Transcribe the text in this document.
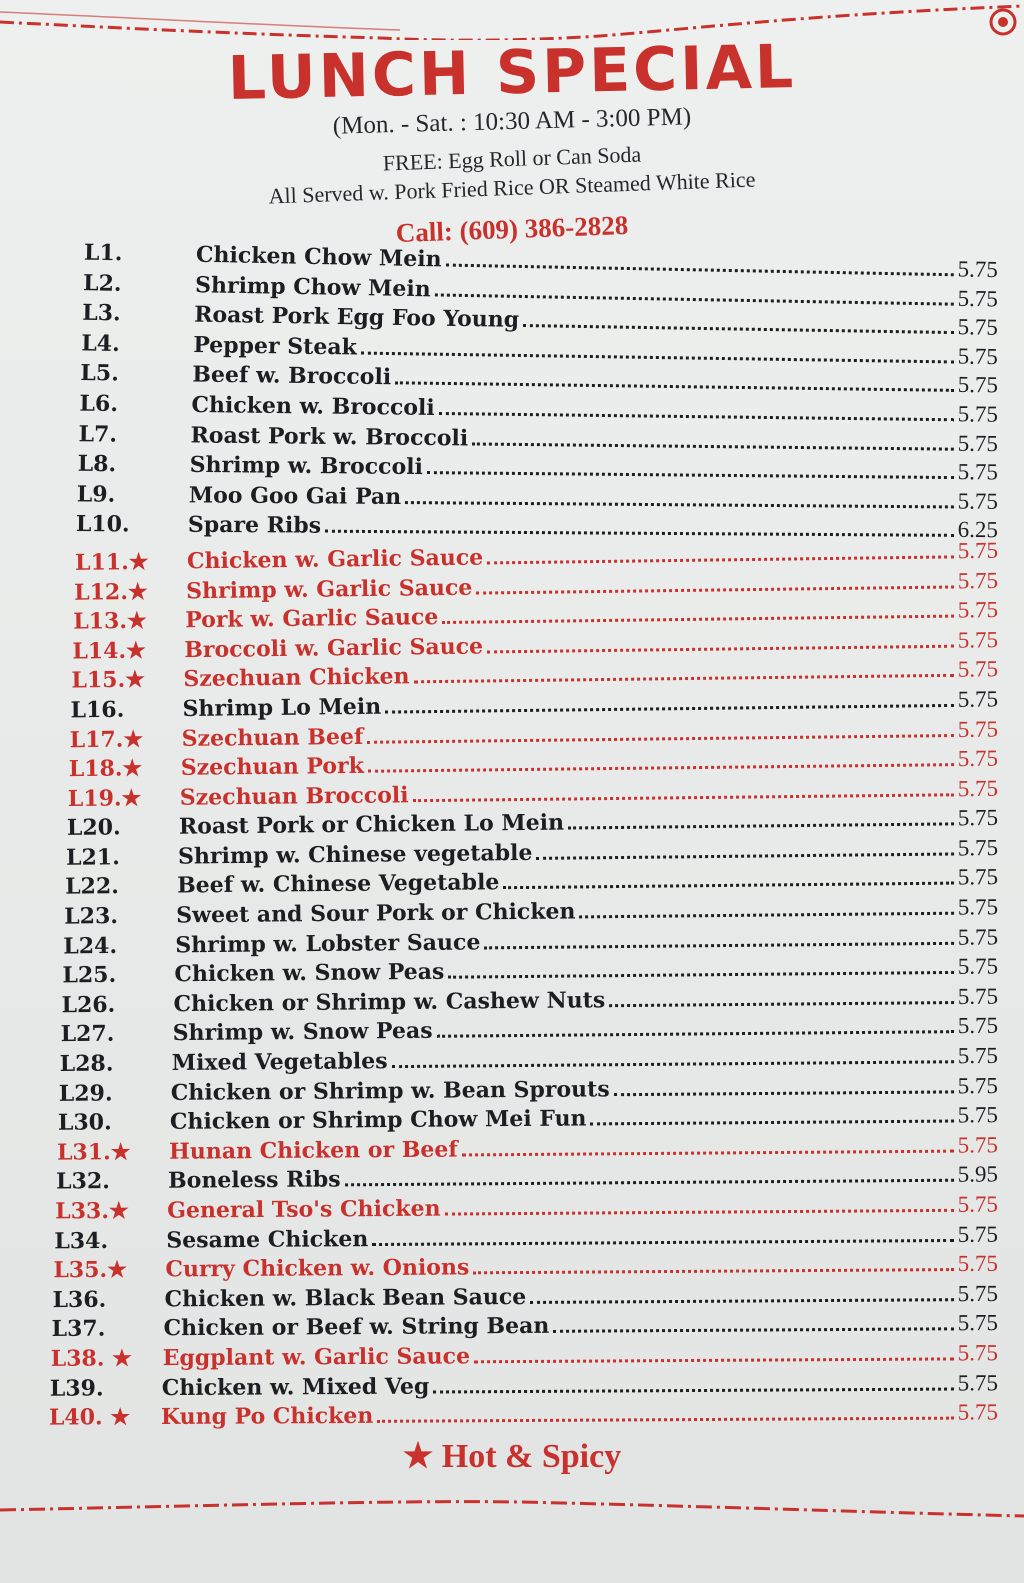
LUNCH SPECIAL
(Mon. - Sat. : 10:30 AM - 3:00 PM)
FREE: Egg Roll or Can Soda
All Served w. Pork Fried Rice OR Steamed White Rice
Call: (609) 386-2828
L1.	Chicken Chow Mein	5.75
L2.	Shrimp Chow Mein	5.75
L3.	Roast Pork Egg Foo Young	5.75
L4.	Pepper Steak	5.75
L5.	Beef w. Broccoli	5.75
L6.	Chicken w. Broccoli	5.75
L7.	Roast Pork w. Broccoli	5.75
L8.	Shrimp w. Broccoli	5.75
L9.	Moo Goo Gai Pan	5.75
L10.	Spare Ribs	6.25
L11.★	Chicken w. Garlic Sauce	5.75
L12.★	Shrimp w. Garlic Sauce	5.75
L13.★	Pork w. Garlic Sauce	5.75
L14.★	Broccoli w. Garlic Sauce	5.75
L15.★	Szechuan Chicken	5.75
L16.	Shrimp Lo Mein	5.75
L17.★	Szechuan Beef	5.75
L18.★	Szechuan Pork	5.75
L19.★	Szechuan Broccoli	5.75
L20.	Roast Pork or Chicken Lo Mein	5.75
L21.	Shrimp w. Chinese vegetable	5.75
L22.	Beef w. Chinese Vegetable	5.75
L23.	Sweet and Sour Pork or Chicken	5.75
L24.	Shrimp w. Lobster Sauce	5.75
L25.	Chicken w. Snow Peas	5.75
L26.	Chicken or Shrimp w. Cashew Nuts	5.75
L27.	Shrimp w. Snow Peas	5.75
L28.	Mixed Vegetables	5.75
L29.	Chicken or Shrimp w. Bean Sprouts	5.75
L30.	Chicken or Shrimp Chow Mei Fun	5.75
L31.★	Hunan Chicken or Beef	5.75
L32.	Boneless Ribs	5.95
L33.★	General Tso's Chicken	5.75
L34.	Sesame Chicken	5.75
L35.★	Curry Chicken w. Onions	5.75
L36.	Chicken w. Black Bean Sauce	5.75
L37.	Chicken or Beef w. String Bean	5.75
L38. ★	Eggplant w. Garlic Sauce	5.75
L39.	Chicken w. Mixed Veg	5.75
L40. ★	Kung Po Chicken	5.75
★ Hot & Spicy
